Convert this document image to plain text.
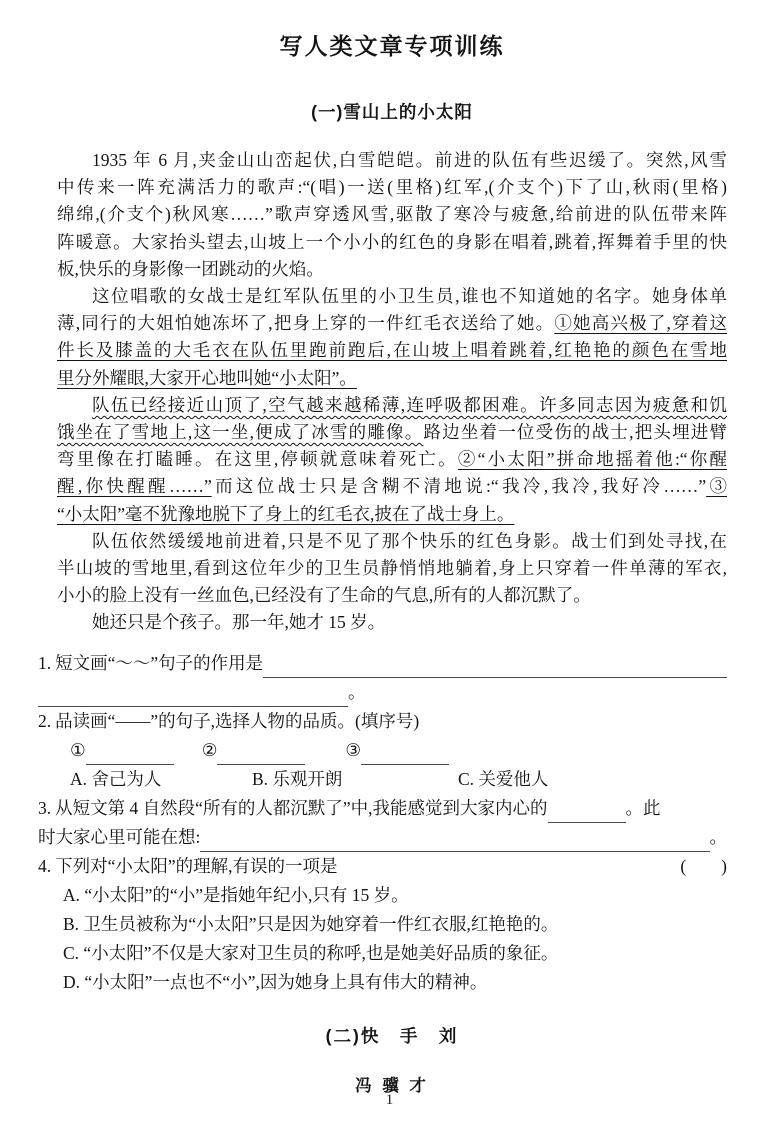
写人类文章专项训练
(一)雪山上的小太阳
1935 年 6 月,夹金山山峦起伏,白雪皑皑。前进的队伍有些迟缓了。突然,风雪
中传来一阵充满活力的歌声:“(唱)一送(里格)红军,(介支个)下了山,秋雨(里格)
绵绵,(介支个)秋风寒……”歌声穿透风雪,驱散了寒冷与疲惫,给前进的队伍带来阵
阵暖意。大家抬头望去,山坡上一个小小的红色的身影在唱着,跳着,挥舞着手里的快
板,快乐的身影像一团跳动的火焰。
这位唱歌的女战士是红军队伍里的小卫生员,谁也不知道她的名字。她身体单
薄,同行的大姐怕她冻坏了,把身上穿的一件红毛衣送给了她。①她高兴极了,穿着这
件长及膝盖的大毛衣在队伍里跑前跑后,在山坡上唱着跳着,红艳艳的颜色在雪地
里分外耀眼,大家开心地叫她“小太阳”。
队伍已经接近山顶了,空气越来越稀薄,连呼吸都困难。许多同志因为疲惫和饥
饿坐在了雪地上,这一坐,便成了冰雪的雕像。路边坐着一位受伤的战士,把头埋进臂
弯里像在打瞌睡。在这里,停顿就意味着死亡。②“小太阳”拼命地摇着他:“你醒
醒,你快醒醒……”而这位战士只是含糊不清地说:“我冷,我冷,我好冷……”③
“小太阳”毫不犹豫地脱下了身上的红毛衣,披在了战士身上。
队伍依然缓缓地前进着,只是不见了那个快乐的红色身影。战士们到处寻找,在
半山坡的雪地里,看到这位年少的卫生员静悄悄地躺着,身上只穿着一件单薄的军衣,
小小的脸上没有一丝血色,已经没有了生命的气息,所有的人都沉默了。
她还只是个孩子。那一年,她才 15 岁。
1. 短文画“～～”句子的作用是
。
2. 品读画“——”的句子,选择人物的品质。(填序号)
①	②	③
A. 舍己为人	B. 乐观开朗	C. 关爱他人
3. 从短文第 4 自然段“所有的人都沉默了”中,我能感觉到大家内心的	。此
时大家心里可能在想:	。
4. 下列对“小太阳”的理解,有误的一项是	(　　)
A. “小太阳”的“小”是指她年纪小,只有 15 岁。
B. 卫生员被称为“小太阳”只是因为她穿着一件红衣服,红艳艳的。
C. “小太阳”不仅是大家对卫生员的称呼,也是她美好品质的象征。
D. “小太阳”一点也不“小”,因为她身上具有伟大的精神。
(二)快　手　刘
冯 骥 才
1
